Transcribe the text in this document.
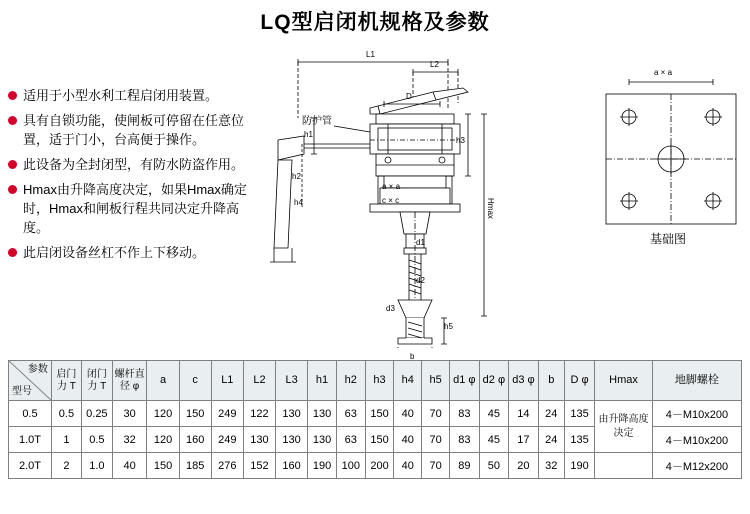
LQ型启闭机规格及参数
适用于小型水利工程启闭用装置。
具有自锁功能，使闸板可停留在任意位置，适于门小，台高便于操作。
此设备为全封闭型，有防水防盗作用。
Hmax由升降高度决定，如果Hmax确定时，Hmax和闸板行程共同决定升降高度。
此启闭设备丝杠不作上下移动。
L1
L2
D
h3
h1
h2
a × a
c × c
d1
d2
d3
b
h5
h4	Hmax
a × a
防护管
基础图
参数
型号	启门力 T	闭门力 T	螺杆直径 φ	a	c	L1	L2	L3	h1	h2	h3	h4	h5	d1 φ	d2 φ	d3 φ	b	D φ	Hmax	地脚螺栓
0.5	0.5	0.25	30	120	150	249	122	130	130	63	150	40	70	83	45	14	24	135	由升降高度决定	4－M10x200
1.0T	1	0.5	32	120	160	249	130	130	130	63	150	40	70	83	45	17	24	135		4－M10x200
2.0T	2	1.0	40	150	185	276	152	160	190	100	200	40	70	89	50	20	32	190		4－M12x200
